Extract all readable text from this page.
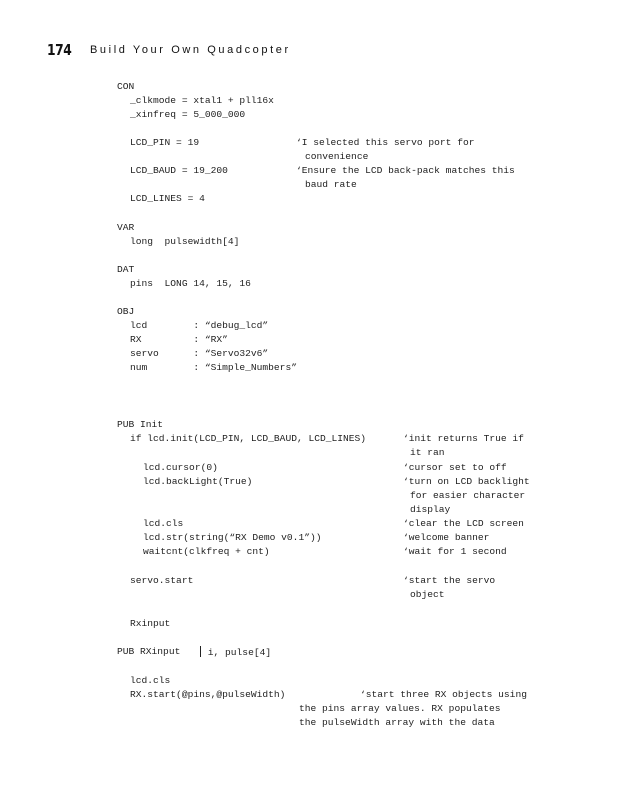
174 Build Your Own Quadcopter
CON
_clkmode = xtal1 + pll16x
_xinfreq = 5_000_000
LCD_PIN = 19	‘I selected this servo port for
convenience
LCD_BAUD = 19_200	‘Ensure the LCD back-pack matches this
baud rate
LCD_LINES = 4
VAR
long  pulsewidth[4]
DAT
pins  LONG 14, 15, 16
OBJ
lcd        : “debug_lcd”
RX         : “RX”
servo      : “Servo32v6”
num        : “Simple_Numbers”
PUB Init
if lcd.init(LCD_PIN, LCD_BAUD, LCD_LINES)	‘init returns True if
it ran
lcd.cursor(0)	‘cursor set to off
lcd.backLight(True)	‘turn on LCD backlight
for easier character
display
lcd.cls	‘clear the LCD screen
lcd.str(string(“RX Demo v0.1”))	‘welcome banner
waitcnt(clkfreq + cnt)	‘wait for 1 second
servo.start	‘start the servo
object
Rxinput
PUB RXinput	i, pulse[4]
lcd.cls
RX.start(@pins,@pulseWidth)	‘start three RX objects using
the pins array values. RX populates
the pulseWidth array with the data
